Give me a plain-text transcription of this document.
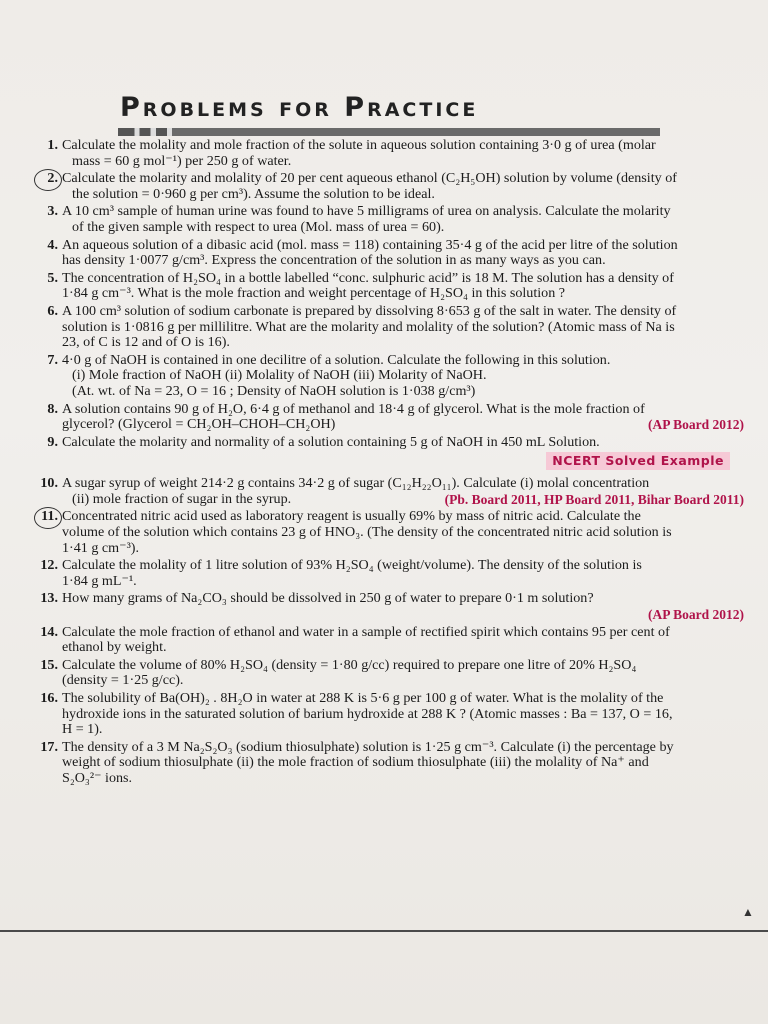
Problems for Practice
1. Calculate the molality and mole fraction of the solute in aqueous solution containing 3·0 g of urea (molar
mass = 60 g mol⁻¹) per 250 g of water.
2. Calculate the molarity and molality of 20 per cent aqueous ethanol (C₂H₅OH) solution by volume (density of
the solution = 0·960 g per cm³). Assume the solution to be ideal.
3. A 10 cm³ sample of human urine was found to have 5 milligrams of urea on analysis. Calculate the molarity
of the given sample with respect to urea (Mol. mass of urea = 60).
4. An aqueous solution of a dibasic acid (mol. mass = 118) containing 35·4 g of the acid per litre of the solution
has density 1·0077 g/cm³. Express the concentration of the solution in as many ways as you can.
5. The concentration of H₂SO₄ in a bottle labelled “conc. sulphuric acid” is 18 M. The solution has a density of
1·84 g cm⁻³. What is the mole fraction and weight percentage of H₂SO₄ in this solution ?
6. A 100 cm³ solution of sodium carbonate is prepared by dissolving 8·653 g of the salt in water. The density of
solution is 1·0816 g per millilitre. What are the molarity and molality of the solution? (Atomic mass of Na is
23, of C is 12 and of O is 16).
7. 4·0 g of NaOH is contained in one decilitre of a solution. Calculate the following in this solution.
(i) Mole fraction of NaOH (ii) Molality of NaOH (iii) Molarity of NaOH.
(At. wt. of Na = 23, O = 16 ; Density of NaOH solution is 1·038 g/cm³)
8. A solution contains 90 g of H₂O, 6·4 g of methanol and 18·4 g of glycerol. What is the mole fraction of
glycerol? (Glycerol = CH₂OH–CHOH–CH₂OH)	(AP Board 2012)
9. Calculate the molarity and normality of a solution containing 5 g of NaOH in 450 mL Solution.
NCERT Solved Example
10. A sugar syrup of weight 214·2 g contains 34·2 g of sugar (C₁₂H₂₂O₁₁). Calculate (i) molal concentration
(ii) mole fraction of sugar in the syrup.	(Pb. Board 2011, HP Board 2011, Bihar Board 2011)
11. Concentrated nitric acid used as laboratory reagent is usually 69% by mass of nitric acid. Calculate the
volume of the solution which contains 23 g of HNO₃. (The density of the concentrated nitric acid solution is
1·41 g cm⁻³).
12. Calculate the molality of 1 litre solution of 93% H₂SO₄ (weight/volume). The density of the solution is
1·84 g mL⁻¹.
13. How many grams of Na₂CO₃ should be dissolved in 250 g of water to prepare 0·1 m solution?
(AP Board 2012)
14. Calculate the mole fraction of ethanol and water in a sample of rectified spirit which contains 95 per cent of
ethanol by weight.
15. Calculate the volume of 80% H₂SO₄ (density = 1·80 g/cc) required to prepare one litre of 20% H₂SO₄
(density = 1·25 g/cc).
16. The solubility of Ba(OH)₂ . 8H₂O in water at 288 K is 5·6 g per 100 g of water. What is the molality of the
hydroxide ions in the saturated solution of barium hydroxide at 288 K ? (Atomic masses : Ba = 137, O = 16,
H = 1).
17. The density of a 3 M Na₂S₂O₃ (sodium thiosulphate) solution is 1·25 g cm⁻³. Calculate (i) the percentage by
weight of sodium thiosulphate (ii) the mole fraction of sodium thiosulphate (iii) the molality of Na⁺ and
S₂O₃²⁻ ions.
▲
